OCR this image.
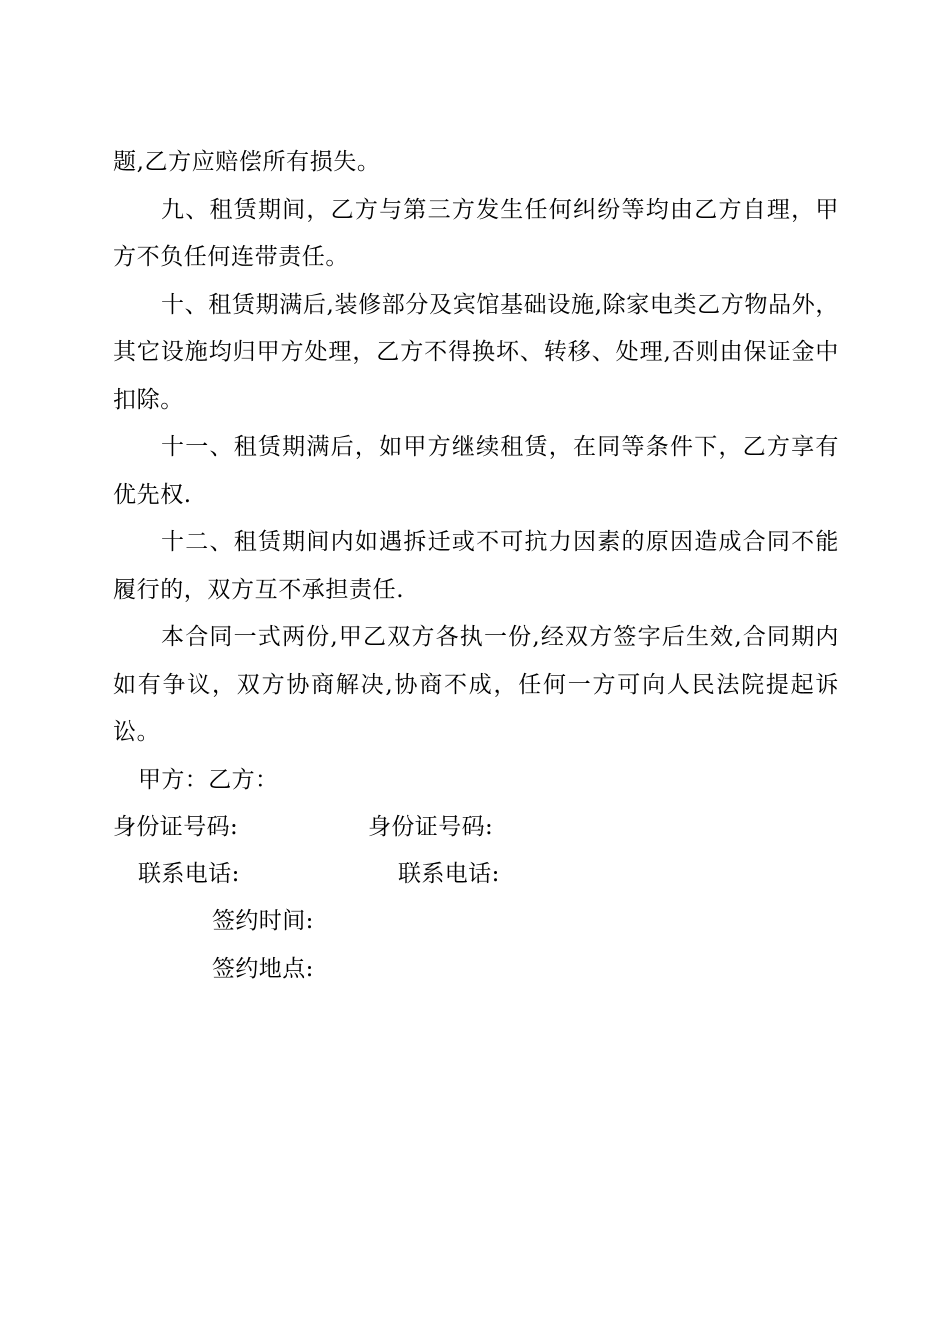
题,乙方应赔偿所有损失。

九、租赁期间，乙方与第三方发生任何纠纷等均由乙方自理，甲方不负任何连带责任。

十、租赁期满后,装修部分及宾馆基础设施,除家电类乙方物品外，其它设施均归甲方处理，乙方不得换坏、转移、处理,否则由保证金中扣除。

十一、租赁期满后，如甲方继续租赁，在同等条件下，乙方享有优先权.

十二、租赁期间内如遇拆迁或不可抗力因素的原因造成合同不能履行的，双方互不承担责任.

本合同一式两份,甲乙双方各执一份,经双方签字后生效,合同期内如有争议，双方协商解决,协商不成，任何一方可向人民法院提起诉讼。

甲方：乙方：
身份证号码:	身份证号码:
联系电话:	联系电话:
签约时间:
签约地点:
